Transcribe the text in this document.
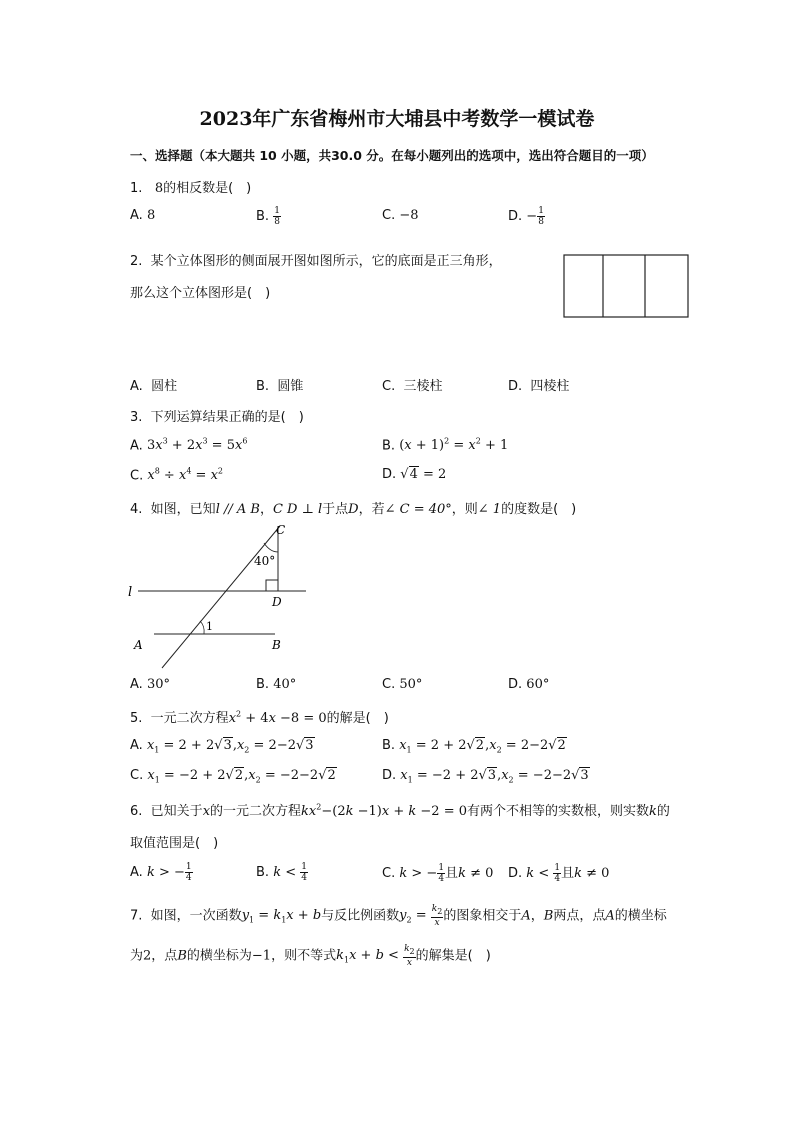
2023年广东省梅州市大埔县中考数学一模试卷
一、选择题（本大题共 10 小题，共30.0 分。在每小题列出的选项中，选出符合题目的一项）
1. 8的相反数是(　)
A. 8	B. $\frac{1}{8}$	C. −8	D. − $\frac{1}{8}$
2. 某个立体图形的侧面展开图如图所示，它的底面是正三角形，
那么这个立体图形是(　)
A. 圆柱	B. 圆锥	C. 三棱柱	D. 四棱柱
3. 下列运算结果正确的是(　)
A. $3x^3 + 2x^3 = 5x^6$	B. $(x + 1)^2 = x^2 + 1$
C. $x^8 \div x^4 = x^2$	D. √4 = 2
4. 如图，已知l // A B，C D ⊥ l于点D，若∠ C = 40°，则∠ 1的度数是(　)
C
40°
l
D
1
A	B
A. 30°	B. 40°	C. 50°	D. 60°
5. 一元二次方程$x^2 + 4x -8 = 0$的解是(　)
A. $x_1 = 2 + 2√3,x_2 = 2-2√3$	B. $x_1 = 2 + 2√2,x_2 = 2-2√2$
C. $x_1 = -2 + 2√2,x_2 = -2-2√2$	D. $x_1 = -2 + 2√3,x_2 = -2-2√3$
6. 已知关于x的一元二次方程$kx^2-(2k -1)x + k -2 = 0$有两个不相等的实数根，则实数k的
取值范围是(　)
A. k > − $\frac{1}{4}$	B. $k < \frac{1}{4}$	C. k > − $\frac{1}{4}$ 且k ≠ 0 D. $k < \frac{1}{4}$ 且k ≠ 0
7. 如图，一次函数$y_1 = k_1x + b$与反比例函数$y_2 = \frac{k_2}{x}$ 的图象相交于A，B两点，点A的横坐标
为2，点B的横坐标为−1，则不等式$k_1x + b < \frac{k_2}{x}$ 的解集是(　)
